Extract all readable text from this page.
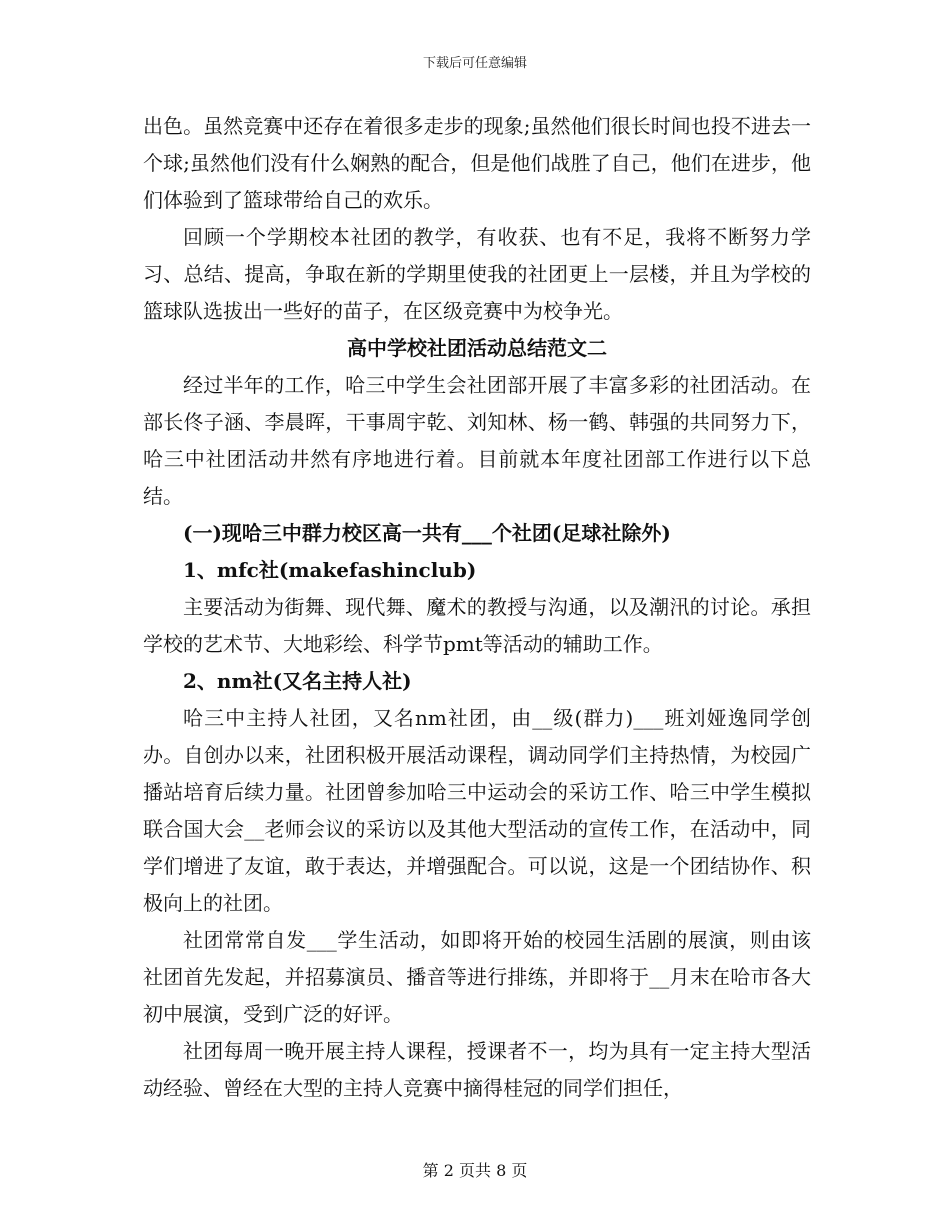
下载后可任意编辑

出色。虽然竞赛中还存在着很多走步的现象;虽然他们很长时间也投不进去一个球;虽然他们没有什么娴熟的配合，但是他们战胜了自己，他们在进步，他们体验到了篮球带给自己的欢乐。

回顾一个学期校本社团的教学，有收获、也有不足，我将不断努力学习、总结、提高，争取在新的学期里使我的社团更上一层楼，并且为学校的篮球队选拔出一些好的苗子，在区级竞赛中为校争光。

高中学校社团活动总结范文二

经过半年的工作，哈三中学生会社团部开展了丰富多彩的社团活动。在部长佟子涵、李晨晖，干事周宇乾、刘知林、杨一鹤、韩强的共同努力下，哈三中社团活动井然有序地进行着。目前就本年度社团部工作进行以下总结。

(一)现哈三中群力校区高一共有___个社团(足球社除外)

1、mfc社(makefashinclub)

主要活动为街舞、现代舞、魔术的教授与沟通，以及潮汛的讨论。承担学校的艺术节、大地彩绘、科学节pmt等活动的辅助工作。

2、nm社(又名主持人社)

哈三中主持人社团，又名nm社团，由__级(群力)___班刘娅逸同学创办。自创办以来，社团积极开展活动课程，调动同学们主持热情，为校园广播站培育后续力量。社团曾参加哈三中运动会的采访工作、哈三中学生模拟联合国大会__老师会议的采访以及其他大型活动的宣传工作，在活动中，同学们增进了友谊，敢于表达，并增强配合。可以说，这是一个团结协作、积极向上的社团。

社团常常自发___学生活动，如即将开始的校园生活剧的展演，则由该社团首先发起，并招募演员、播音等进行排练，并即将于__月末在哈市各大初中展演，受到广泛的好评。

社团每周一晚开展主持人课程，授课者不一，均为具有一定主持大型活动经验、曾经在大型的主持人竞赛中摘得桂冠的同学们担任，

第 2 页共 8 页
